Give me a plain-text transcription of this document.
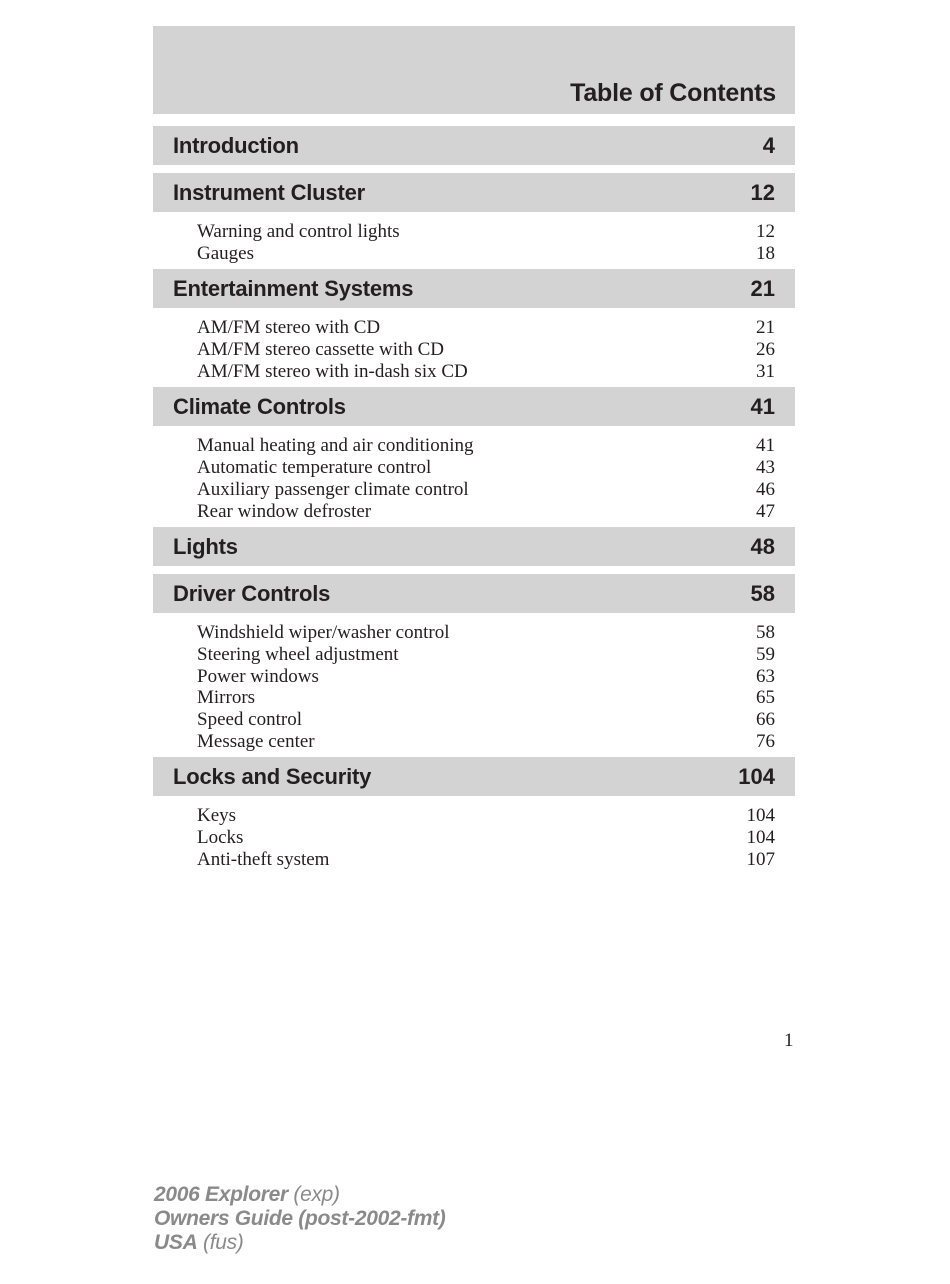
Table of Contents
Introduction	4
Instrument Cluster	12
Warning and control lights	12
Gauges	18
Entertainment Systems	21
AM/FM stereo with CD	21
AM/FM stereo cassette with CD	26
AM/FM stereo with in-dash six CD	31
Climate Controls	41
Manual heating and air conditioning	41
Automatic temperature control	43
Auxiliary passenger climate control	46
Rear window defroster	47
Lights	48
Driver Controls	58
Windshield wiper/washer control	58
Steering wheel adjustment	59
Power windows	63
Mirrors	65
Speed control	66
Message center	76
Locks and Security	104
Keys	104
Locks	104
Anti-theft system	107
1
2006 Explorer (exp)
Owners Guide (post-2002-fmt)
USA (fus)
